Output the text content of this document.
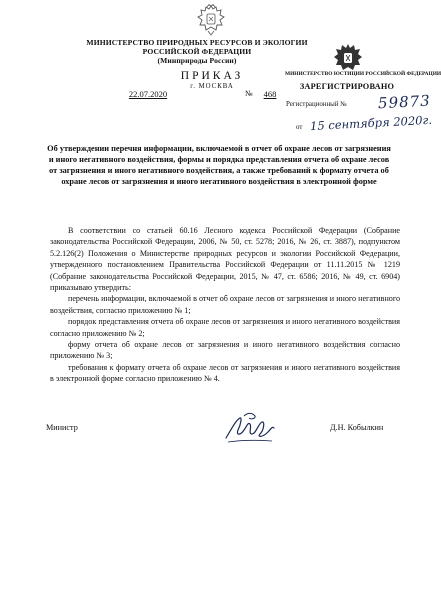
МИНИСТЕРСТВО ПРИРОДНЫХ РЕСУРСОВ И ЭКОЛОГИИ
РОССИЙСКОЙ ФЕДЕРАЦИИ
(Минприроды России)
ПРИКАЗ
г. МОСКВА
22.07.2020	№	468
МИНИСТЕРСТВО ЮСТИЦИИ РОССИЙСКОЙ ФЕДЕРАЦИИ
ЗАРЕГИСТРИРОВАНО
Регистрационный № 59873
от 15 сентября 2020г.
Об утверждении перечня информации, включаемой в отчет об охране лесов от загрязнения и иного негативного воздействия, формы и порядка представления отчета об охране лесов от загрязнения и иного негативного воздействия, а также требований к формату отчета об охране лесов от загрязнения и иного негативного воздействия в электронной форме

В соответствии со статьей 60.16 Лесного кодекса Российской Федерации (Собрание законодательства Российской Федерации, 2006, № 50, ст. 5278; 2016, № 26, ст. 3887), подпунктом 5.2.126(2) Положения о Министерстве природных ресурсов и экологии Российской Федерации, утвержденного постановлением Правительства Российской Федерации от 11.11.2015 № 1219 (Собрание законодательства Российской Федерации, 2015, № 47, ст. 6586; 2016, № 49, ст. 6904) приказываю утвердить:

перечень информации, включаемой в отчет об охране лесов от загрязнения и иного негативного воздействия, согласно приложению № 1;

порядок представления отчета об охране лесов от загрязнения и иного негативного воздействия согласно приложению № 2;

форму отчета об охране лесов от загрязнения и иного негативного воздействия согласно приложению № 3;

требования к формату отчета об охране лесов от загрязнения и иного негативного воздействия в электронной форме согласно приложению № 4.

Министр	Д.Н. Кобылкин
